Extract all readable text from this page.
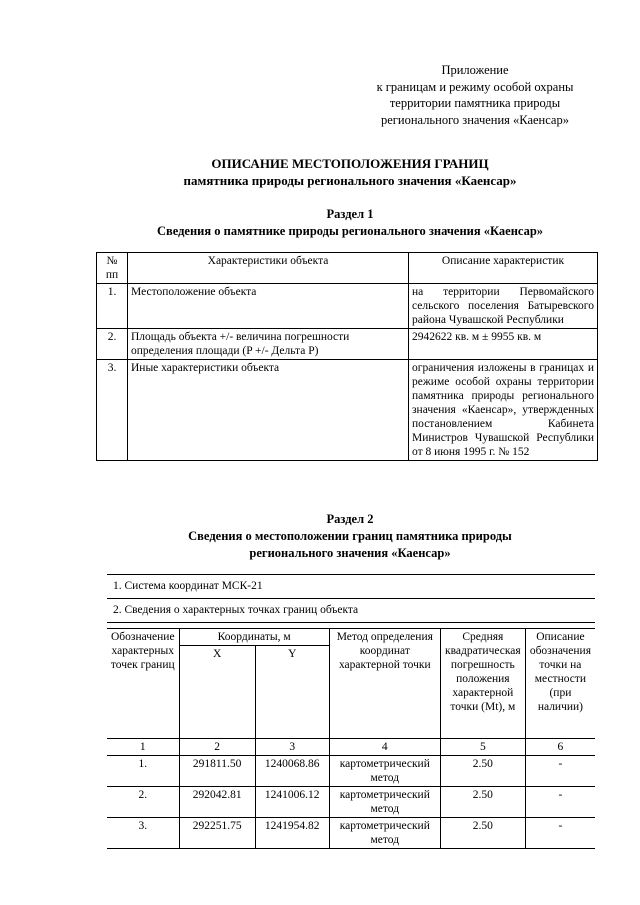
Приложение
к границам и режиму особой охраны
территории памятника природы
регионального значения «Каенсар»
ОПИСАНИЕ МЕСТОПОЛОЖЕНИЯ ГРАНИЦ
памятника природы регионального значения «Каенсар»
Раздел 1
Сведения о памятнике природы регионального значения «Каенсар»
№ пп	Характеристики объекта	Описание характеристик
1.	Местоположение объекта	на территории Первомайского сельского поселения Батыревского района Чувашской Республики
2.	Площадь объекта +/- величина погрешности определения площади (P +/- Дельта P)	2942622 кв. м ± 9955 кв. м
3.	Иные характеристики объекта	ограничения изложены в границах и режиме особой охраны территории памятника природы регионального значения «Каенсар», утвержденных постановлением Кабинета Министров Чувашской Республики от 8 июня 1995 г. № 152
Раздел 2
Сведения о местоположении границ памятника природы
регионального значения «Каенсар»
1. Система координат МСК-21
2. Сведения о характерных точках границ объекта
Обозначение характерных точек границ	Координаты, м		Метод определения координат характерной точки	Средняя квадратическая погрешность положения характерной точки (Mt), м	Описание обозначения точки на местности (при наличии)
	X	Y			
1	2	3	4	5	6
1.	291811.50	1240068.86	картометрический метод	2.50	-
2.	292042.81	1241006.12	картометрический метод	2.50	-
3.	292251.75	1241954.82	картометрический метод	2.50	-
